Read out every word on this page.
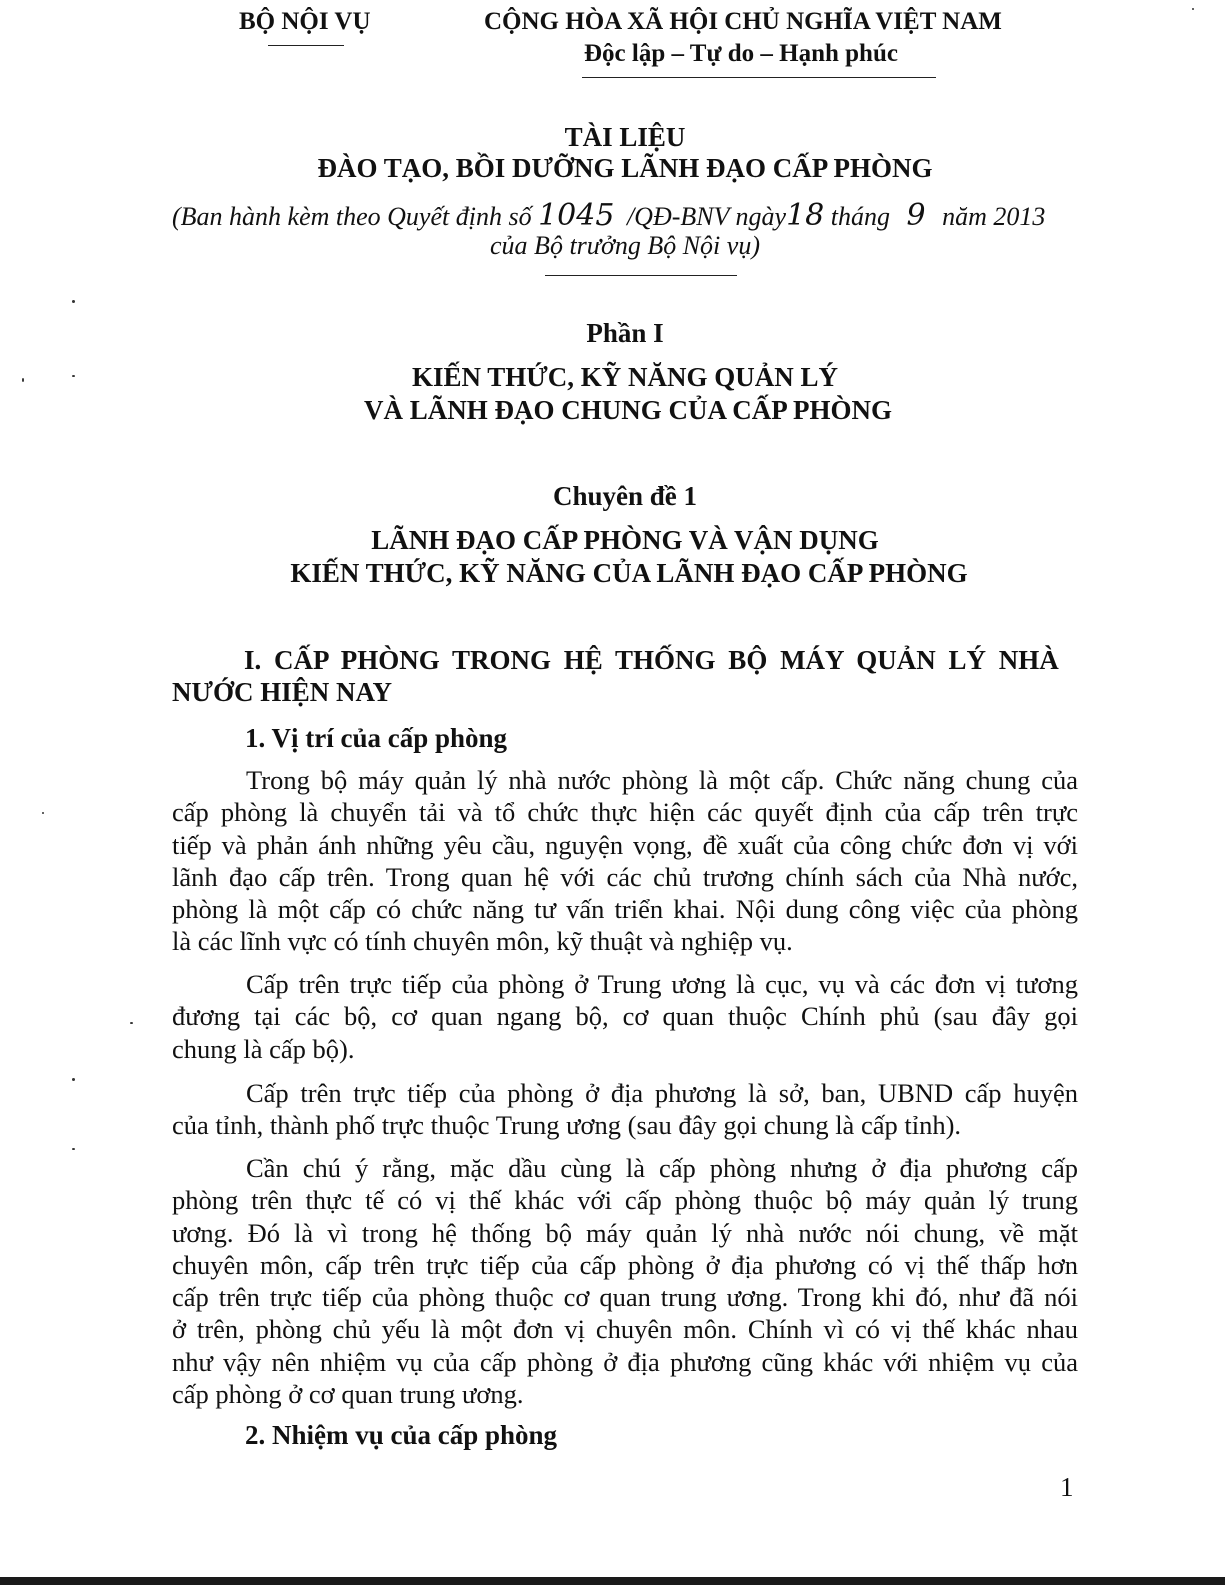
BỘ NỘI VỤ	CỘNG HÒA XÃ HỘI CHỦ NGHĨA VIỆT NAM
Độc lập – Tự do – Hạnh phúc
TÀI LIỆU
ĐÀO TẠO, BỒI DƯỠNG LÃNH ĐẠO CẤP PHÒNG
(Ban hành kèm theo Quyết định số 1045 /QĐ-BNV ngày18 tháng 9 năm 2013
của Bộ trưởng Bộ Nội vụ)
Phần I
KIẾN THỨC, KỸ NĂNG QUẢN LÝ
VÀ LÃNH ĐẠO CHUNG CỦA CẤP PHÒNG
Chuyên đề 1
LÃNH ĐẠO CẤP PHÒNG VÀ VẬN DỤNG
KIẾN THỨC, KỸ NĂNG CỦA LÃNH ĐẠO CẤP PHÒNG
I. CẤP PHÒNG TRONG HỆ THỐNG BỘ MÁY QUẢN LÝ NHÀ
NƯỚC HIỆN NAY
1. Vị trí của cấp phòng
Trong bộ máy quản lý nhà nước phòng là một cấp. Chức năng chung của
cấp phòng là chuyển tải và tổ chức thực hiện các quyết định của cấp trên trực
tiếp và phản ánh những yêu cầu, nguyện vọng, đề xuất của công chức đơn vị với
lãnh đạo cấp trên. Trong quan hệ với các chủ trương chính sách của Nhà nước,
phòng là một cấp có chức năng tư vấn triển khai. Nội dung công việc của phòng
là các lĩnh vực có tính chuyên môn, kỹ thuật và nghiệp vụ.
Cấp trên trực tiếp của phòng ở Trung ương là cục, vụ và các đơn vị tương
đương tại các bộ, cơ quan ngang bộ, cơ quan thuộc Chính phủ (sau đây gọi
chung là cấp bộ).
Cấp trên trực tiếp của phòng ở địa phương là sở, ban, UBND cấp huyện
của tỉnh, thành phố trực thuộc Trung ương (sau đây gọi chung là cấp tỉnh).
Cần chú ý rằng, mặc dầu cùng là cấp phòng nhưng ở địa phương cấp
phòng trên thực tế có vị thế khác với cấp phòng thuộc bộ máy quản lý trung
ương. Đó là vì trong hệ thống bộ máy quản lý nhà nước nói chung, về mặt
chuyên môn, cấp trên trực tiếp của cấp phòng ở địa phương có vị thế thấp hơn
cấp trên trực tiếp của phòng thuộc cơ quan trung ương. Trong khi đó, như đã nói
ở trên, phòng chủ yếu là một đơn vị chuyên môn. Chính vì có vị thế khác nhau
như vậy nên nhiệm vụ của cấp phòng ở địa phương cũng khác với nhiệm vụ của
cấp phòng ở cơ quan trung ương.
2. Nhiệm vụ của cấp phòng
1
